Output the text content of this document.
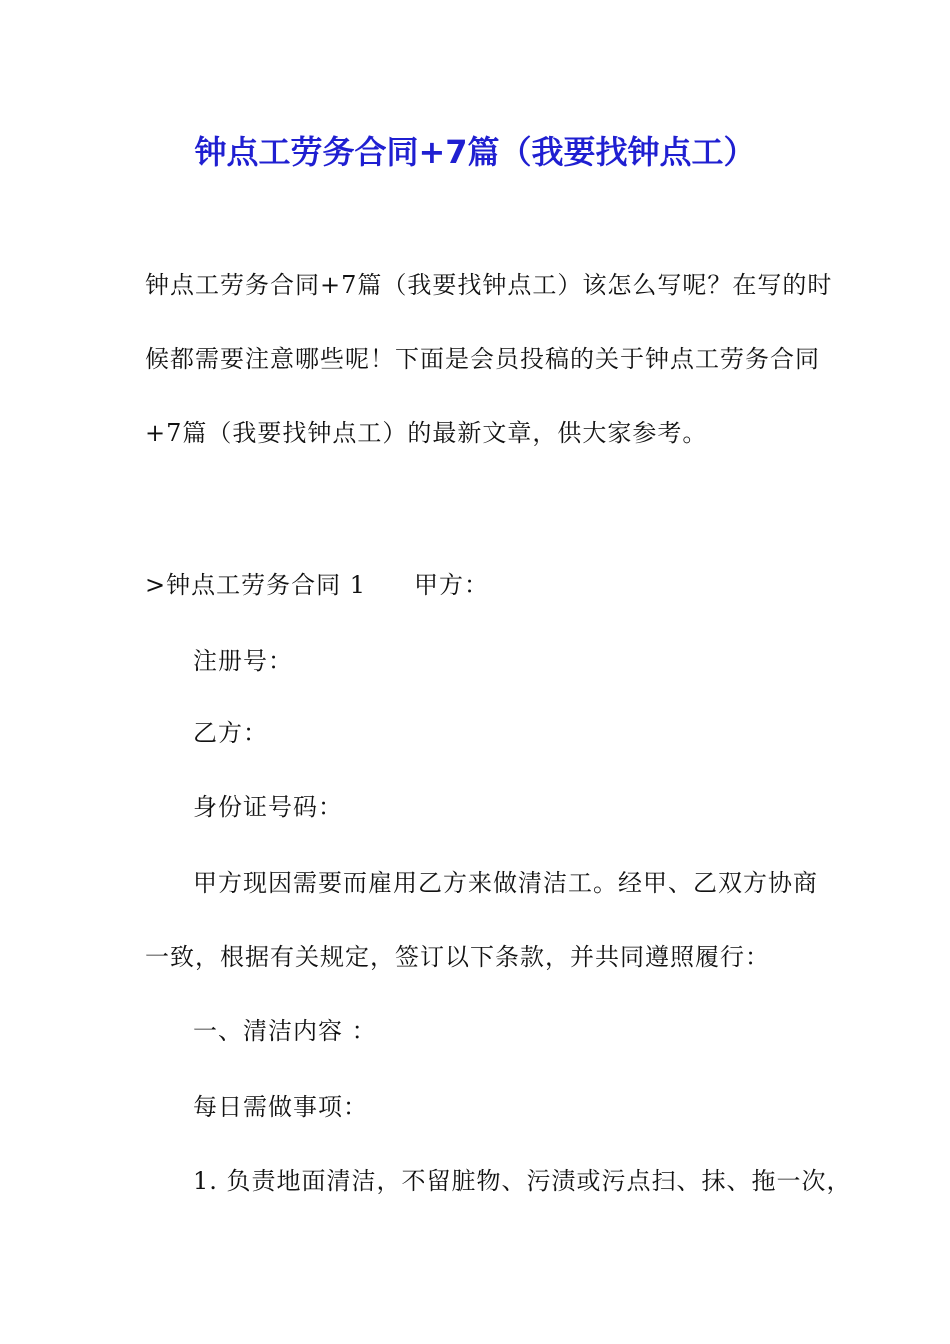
钟点工劳务合同+7篇（我要找钟点工）
钟点工劳务合同+7篇（我要找钟点工）该怎么写呢？在写的时
候都需要注意哪些呢！下面是会员投稿的关于钟点工劳务合同
+7篇（我要找钟点工）的最新文章，供大家参考。
>钟点工劳务合同 1 甲方：
注册号：
乙方：
身份证号码：
甲方现因需要而雇用乙方来做清洁工。经甲、乙双方协商
一致，根据有关规定，签订以下条款，并共同遵照履行：
一、清洁内容 ：
每日需做事项：
1. 负责地面清洁，不留脏物、污渍或污点扫、抹、拖一次，
